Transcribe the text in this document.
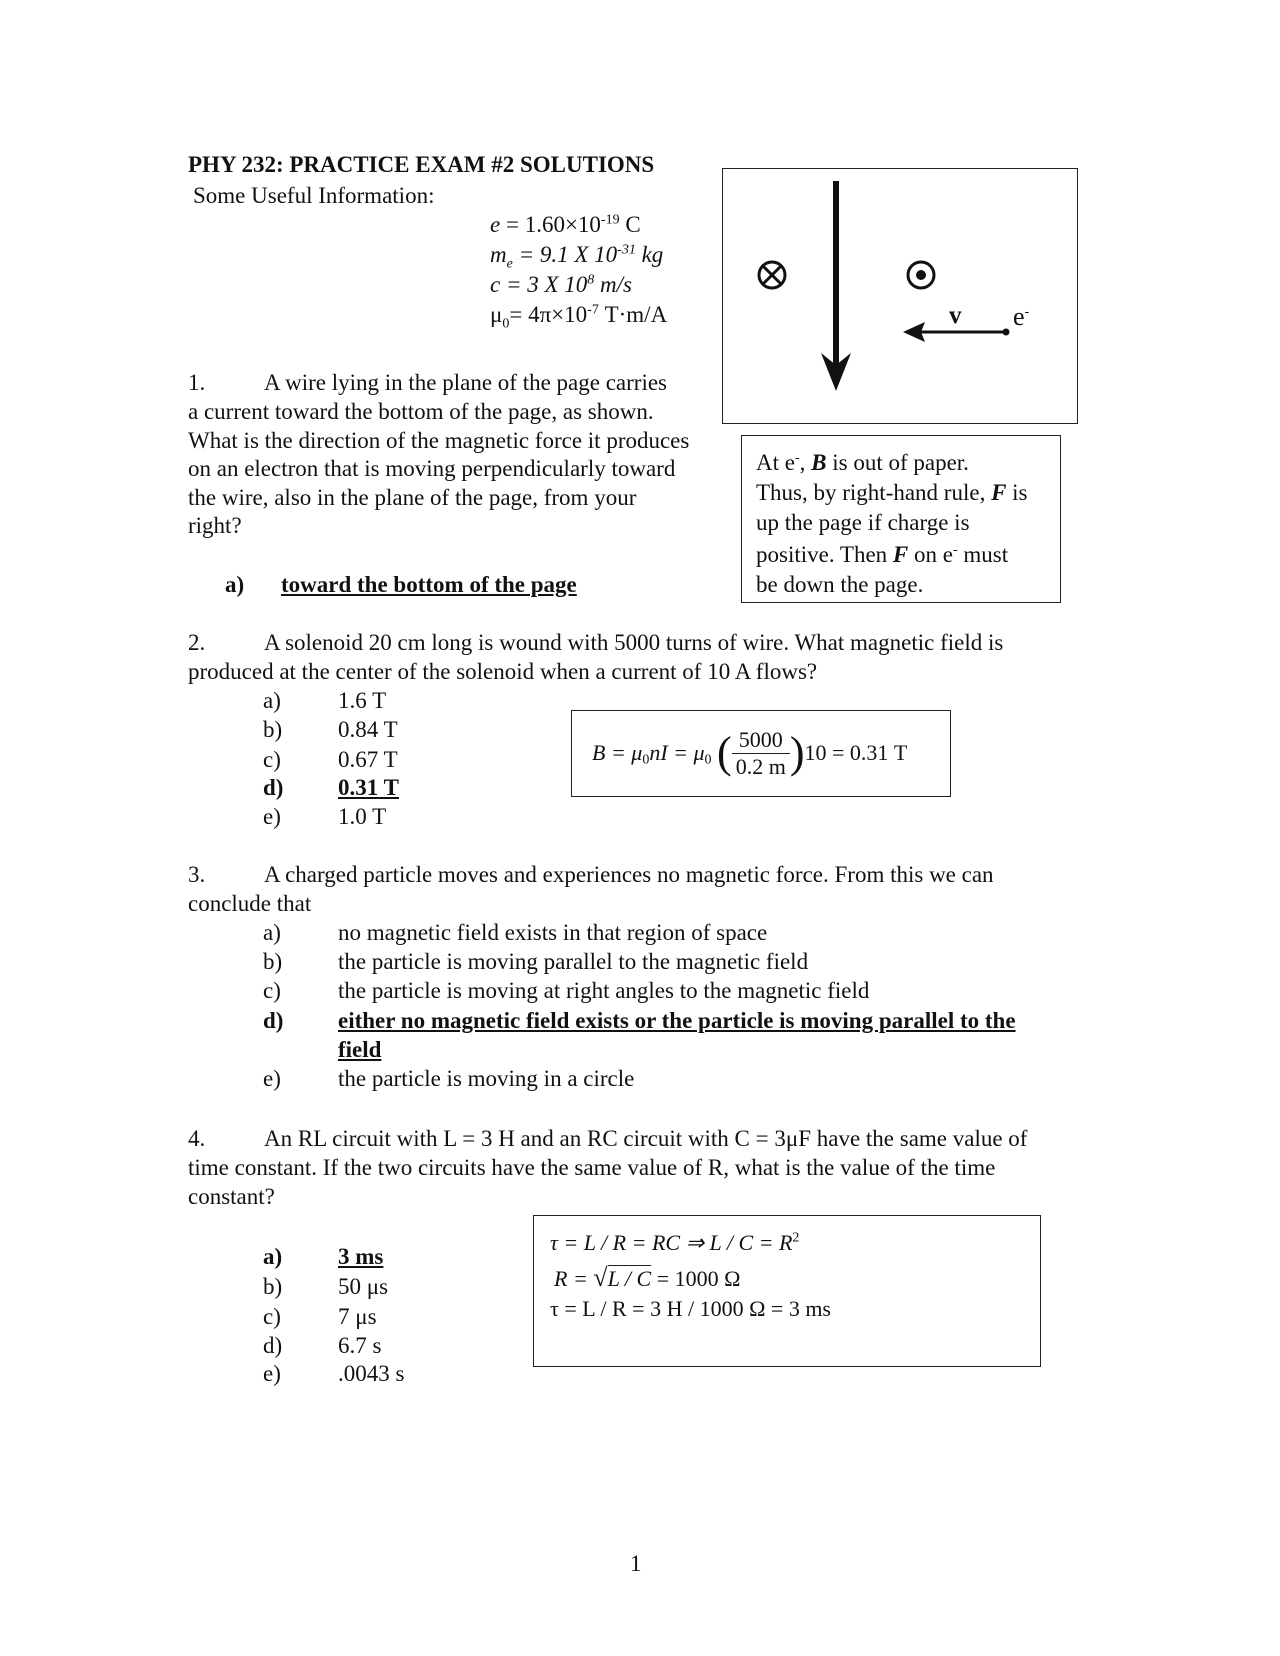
PHY 232: PRACTICE EXAM #2 SOLUTIONS
Some Useful Information:
$e = 1.60\times 10^{-19}$ C
$m_e = 9.1$ X $10^{-31}$ kg
c = 3 X $10^8$ m/s
$\mu_0= 4\pi\times 10^{-7}$ T·m/A	v e-
1.	A wire lying in the plane of the page carries
a current toward the bottom of the page, as shown.
What is the direction of the magnetic force it produces
on an electron that is moving perpendicularly toward
the wire, also in the plane of the page, from your
right?
a) toward the bottom of the page
At e-, B is out of paper.
Thus, by right-hand rule, F is
up the page if charge is
positive. Then F on e- must
be down the page.
2.	A solenoid 20 cm long is wound with 5000 turns of wire. What magnetic field is
produced at the center of the solenoid when a current of 10 A flows?
a) 1.6 T
b) 0.84 T
c) 0.67 T
d) 0.31 T
e) 1.0 T
$B = \mu_0nI = \mu_0$ ( $\frac{5000}{0.2 m} )10 = 0.31$ T
3.	A charged particle moves and experiences no magnetic force. From this we can
conclude that
a) no magnetic field exists in that region of space
b) the particle is moving parallel to the magnetic field
c) the particle is moving at right angles to the magnetic field
d) either no magnetic field exists or the particle is moving parallel to the
field
e) the particle is moving in a circle
4.	An RL circuit with L = 3 H and an RC circuit with C = 3μF have the same value of
time constant. If the two circuits have the same value of R, what is the value of the time
constant?
a) 3 ms
b) 50 μs
c) 7 μs
d) 6.7 s
e) .0043 s
τ = L / R = RC ⇒ $L / C = R^2$
R = √L / C = 1000 Ω
τ = L / R = 3 H / 1000 Ω = 3 ms
1
